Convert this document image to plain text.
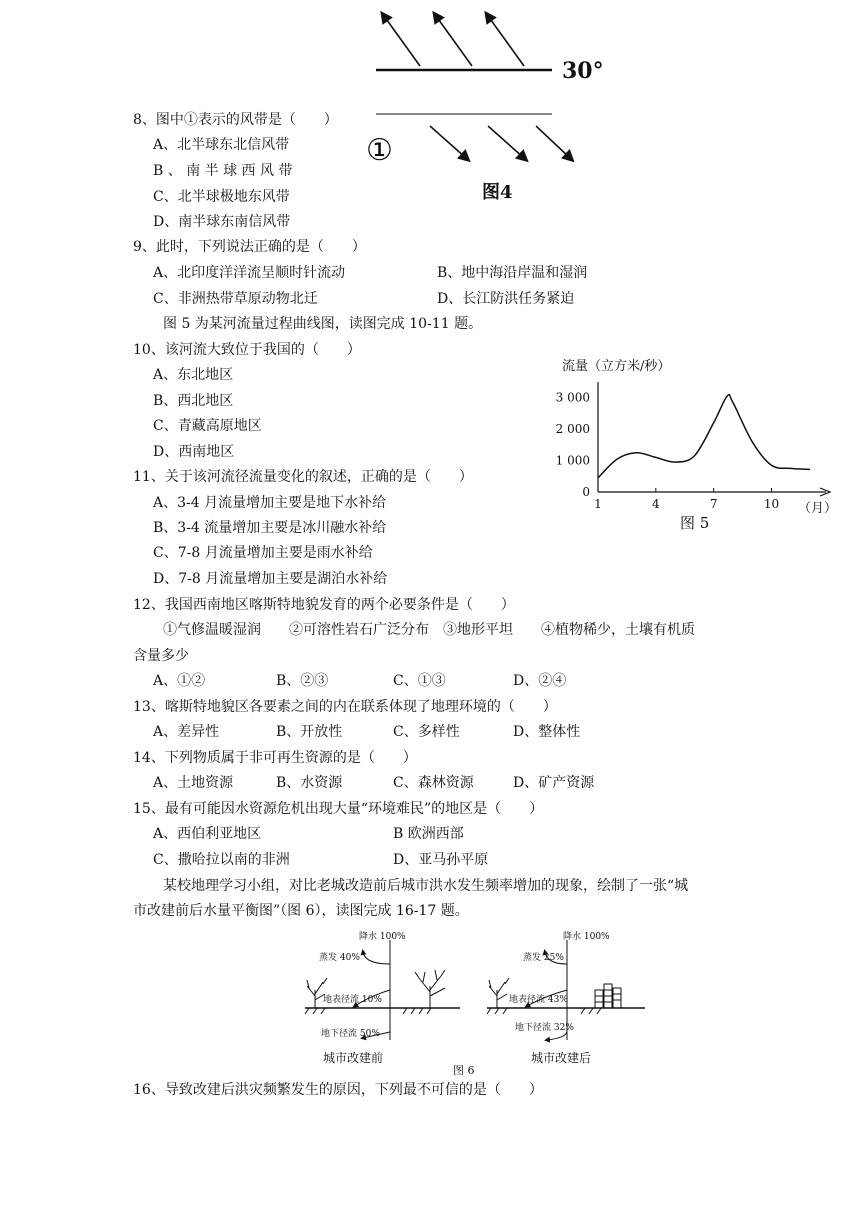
30°
①
图4
8、图中①表示的风带是（　　）
A、北半球东北信风带
B 、 南 半 球 西 风 带
C、北半球极地东风带
D、南半球东南信风带
9、此时，下列说法正确的是（　　）
A、北印度洋洋流呈顺时针流动	B、地中海沿岸温和湿润
C、非洲热带草原动物北迁	D、长江防洪任务紧迫
图 5 为某河流量过程曲线图，读图完成 10-11 题。
10、该河流大致位于我国的（　　）
A、东北地区
B、西北地区
C、青藏高原地区
D、西南地区
流量（立方米/秒）
0
1 000
2 000
3 000
1	4	7	10 （月）
图 5
11、关于该河流径流量变化的叙述，正确的是（　　）
A、3-4 月流量增加主要是地下水补给
B、3-4 流量增加主要是冰川融水补给
C、7-8 月流量增加主要是雨水补给
D、7-8 月流量增加主要是湖泊水补给
12、我国西南地区喀斯特地貌发育的两个必要条件是（　　）
①气修温暖湿润　　②可溶性岩石广泛分布　③地形平坦　　④植物稀少，土壤有机质
含量多少
A、①②	B、②③	C、①③	D、②④
13、喀斯特地貌区各要素之间的内在联系体现了地理环境的（　　）
A、差异性	B、开放性	C、多样性	D、整体性
14、下列物质属于非可再生资源的是（　　）
A、土地资源	B、水资源	C、森林资源	D、矿产资源
15、最有可能因水资源危机出现大量“环境难民”的地区是（　　）
A、西伯利亚地区	B 欧洲西部
C、撒哈拉以南的非洲	D、亚马孙平原
某校地理学习小组，对比老城改造前后城市洪水发生频率增加的现象，绘制了一张“城
市改建前后水量平衡图”（图 6），读图完成 16-17 题。
降水 100%
蒸发 40%
地表径流 10%
地下径流 50%
城市改建前
降水 100%
蒸发 25%
地表径流 43%
地下径流 32%
城市改建后
图 6
16、导致改建后洪灾频繁发生的原因，下列最不可信的是（　　）
